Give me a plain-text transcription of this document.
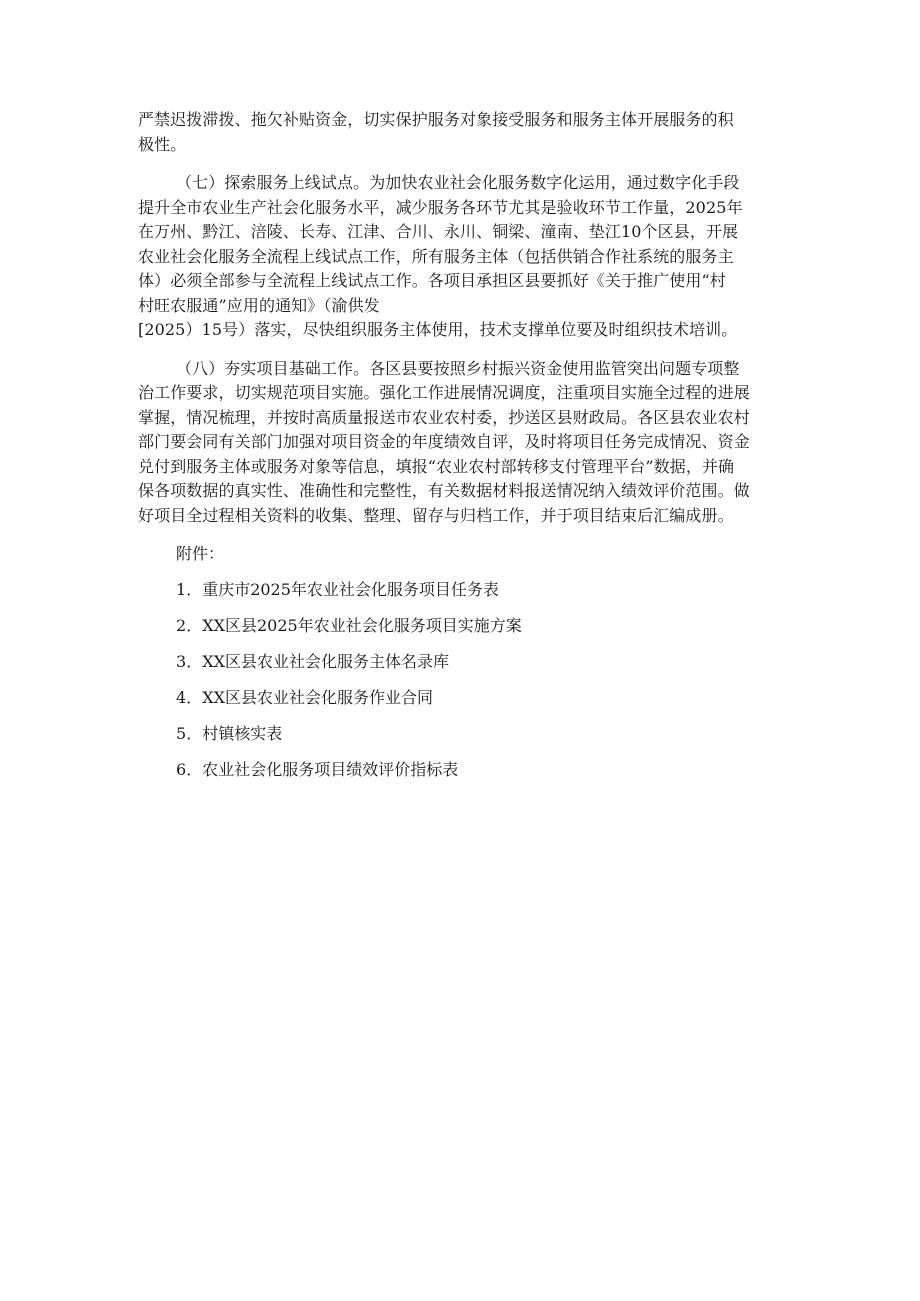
严禁迟拨滞拨、拖欠补贴资金，切实保护服务对象接受服务和服务主体开展服务的积
极性。
（七）探索服务上线试点。为加快农业社会化服务数字化运用，通过数字化手段
提升全市农业生产社会化服务水平，减少服务各环节尤其是验收环节工作量，2025年
在万州、黔江、涪陵、长寿、江津、合川、永川、铜梁、潼南、垫江10个区县，开展
农业社会化服务全流程上线试点工作，所有服务主体（包括供销合作社系统的服务主
体）必须全部参与全流程上线试点工作。各项目承担区县要抓好《关于推广使用“村
村旺农服通”应用的通知》（渝供发
[2025）15号）落实，尽快组织服务主体使用，技术支撑单位要及时组织技术培训。
（八）夯实项目基础工作。各区县要按照乡村振兴资金使用监管突出问题专项整
治工作要求，切实规范项目实施。强化工作进展情况调度，注重项目实施全过程的进展
掌握，情况梳理，并按时高质量报送市农业农村委，抄送区县财政局。各区县农业农村
部门要会同有关部门加强对项目资金的年度绩效自评，及时将项目任务完成情况、资金
兑付到服务主体或服务对象等信息，填报“农业农村部转移支付管理平台”数据，并确
保各项数据的真实性、准确性和完整性，有关数据材料报送情况纳入绩效评价范围。做
好项目全过程相关资料的收集、整理、留存与归档工作，并于项目结束后汇编成册。
附件：
1．重庆市2025年农业社会化服务项目任务表
2．XX区县2025年农业社会化服务项目实施方案
3．XX区县农业社会化服务主体名录库
4．XX区县农业社会化服务作业合同
5．村镇核实表
6．农业社会化服务项目绩效评价指标表
